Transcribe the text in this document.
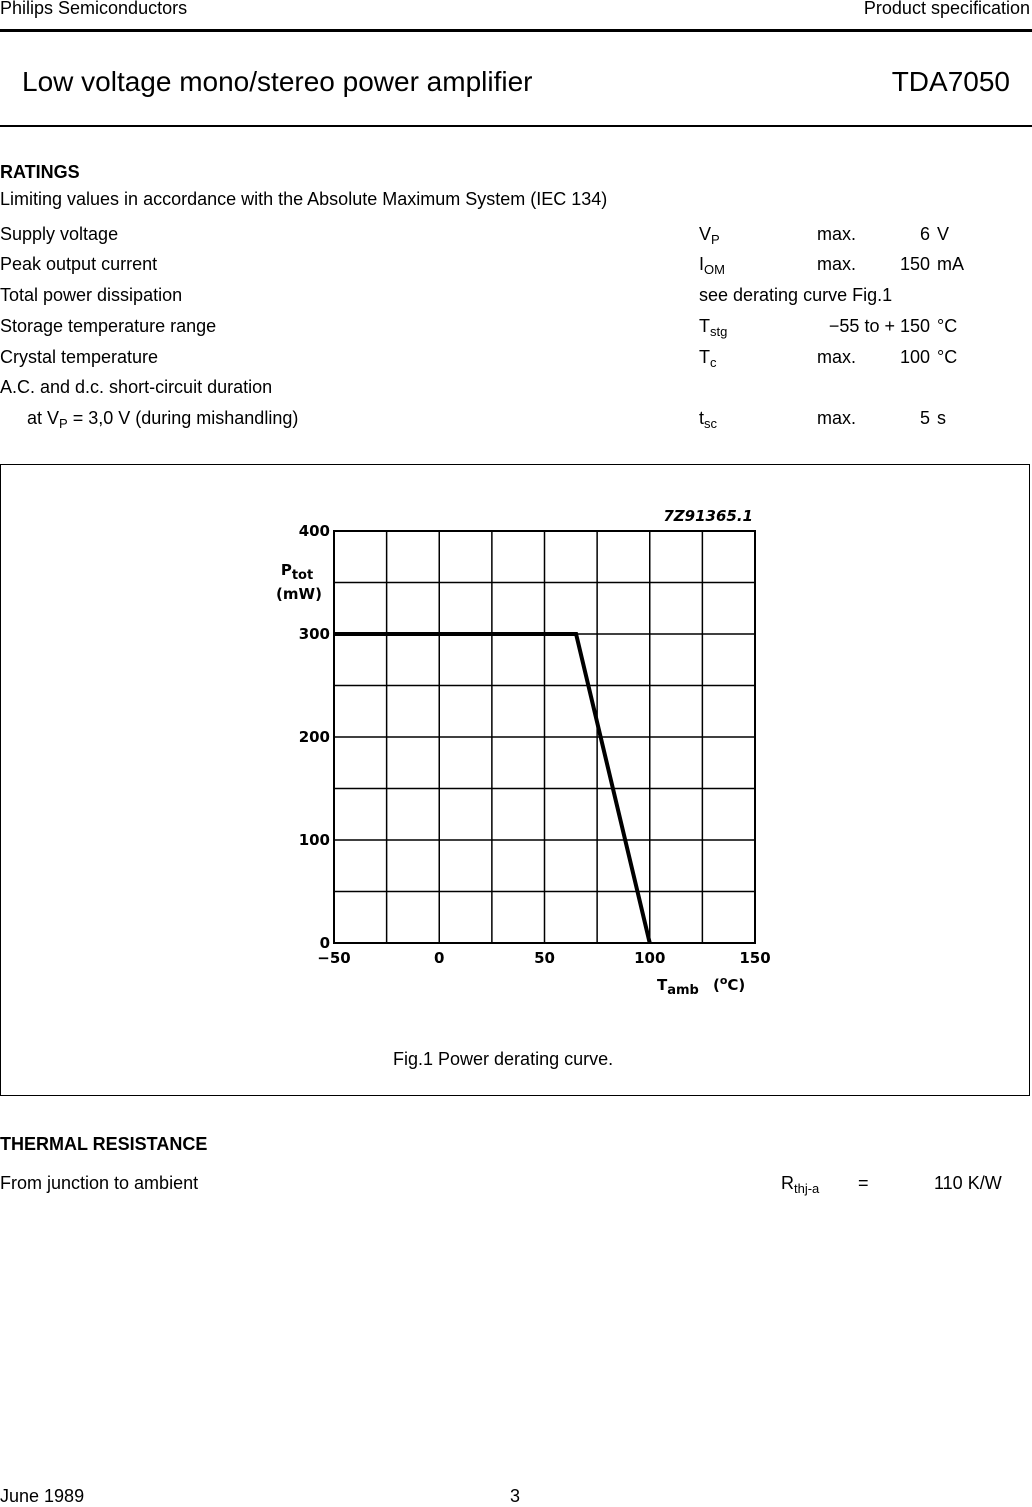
Philips Semiconductors	Product specification
Low voltage mono/stereo power amplifier	TDA7050
RATINGS
Limiting values in accordance with the Absolute Maximum System (IEC 134)
Supply voltage	$V_P$	max.	6 V
Peak output current	$I_{OM}$	max. 150 mA
Total power dissipation	see derating curve Fig.1
Storage temperature range	$T_{stg}$	−55 to + 150 °C
Crystal temperature	$T_c$	max. 100 °C
A.C. and d.c. short-circuit duration
at $V_P = 3,0$ V (during mishandling)	$t_{sc}$	max.	5 s
−50	0	50	100	150
0
100
200
300
400
7Z91365.1
Ptot
(mW)
Tamb ($^o$C)
Fig.1 Power derating curve.
THERMAL RESISTANCE
From junction to ambient	$R_{thj-a}$ =	110 K/W
June 1989	3
